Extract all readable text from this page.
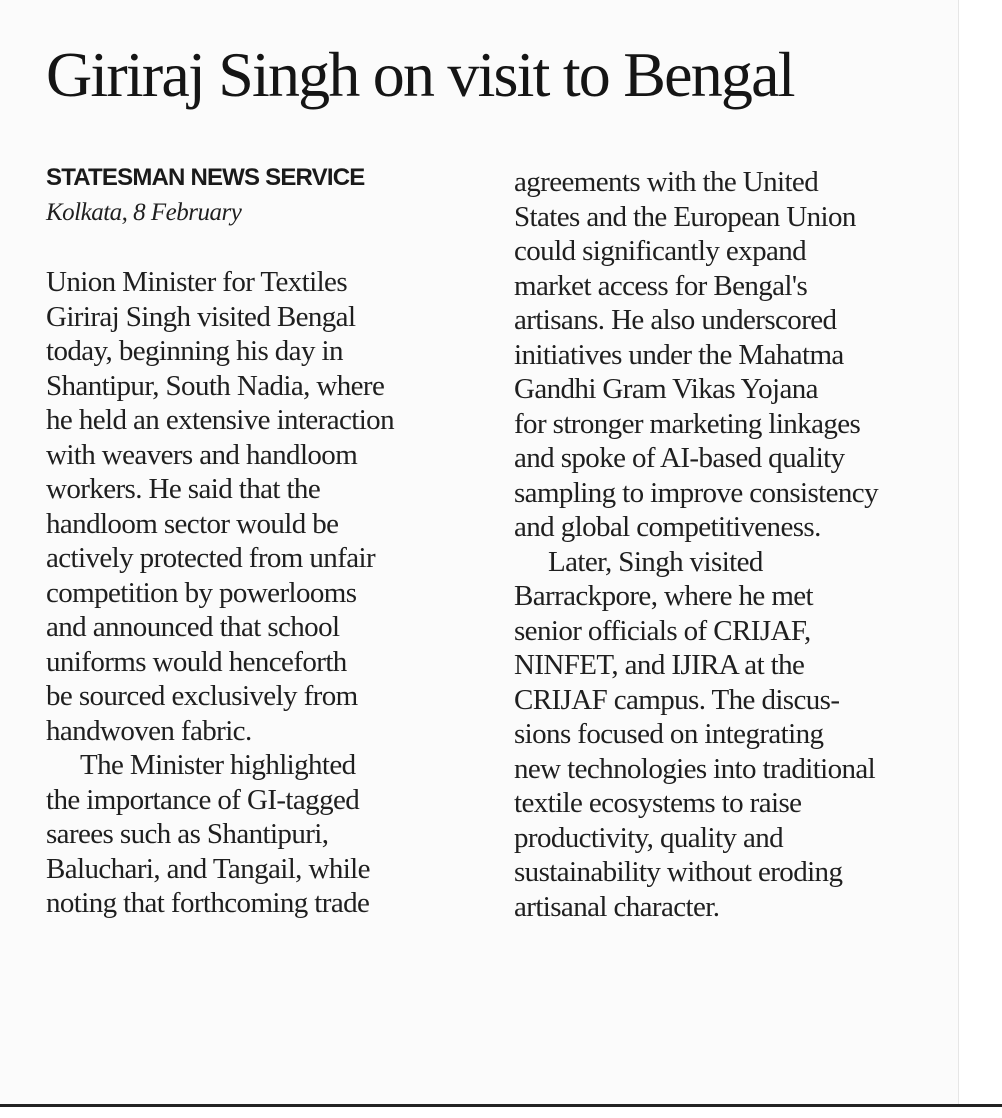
Giriraj Singh on visit to Bengal

STATESMAN NEWS SERVICE

Kolkata, 8 February

Union Minister for Textiles
Giriraj Singh visited Bengal
today, beginning his day in
Shantipur, South Nadia, where
he held an extensive interaction
with weavers and handloom
workers. He said that the
handloom sector would be
actively protected from unfair
competition by powerlooms
and announced that school
uniforms would henceforth
be sourced exclusively from
handwoven fabric.

The Minister highlighted
the importance of GI-tagged
sarees such as Shantipuri,
Baluchari, and Tangail, while
noting that forthcoming trade

agreements with the United
States and the European Union
could significantly expand
market access for Bengal's
artisans. He also underscored
initiatives under the Mahatma
Gandhi Gram Vikas Yojana
for stronger marketing linkages
and spoke of AI-based quality
sampling to improve consistency
and global competitiveness.

Later, Singh visited
Barrackpore, where he met
senior officials of CRIJAF,
NINFET, and IJIRA at the
CRIJAF campus. The discus-
sions focused on integrating
new technologies into traditional
textile ecosystems to raise
productivity, quality and
sustainability without eroding
artisanal character.
